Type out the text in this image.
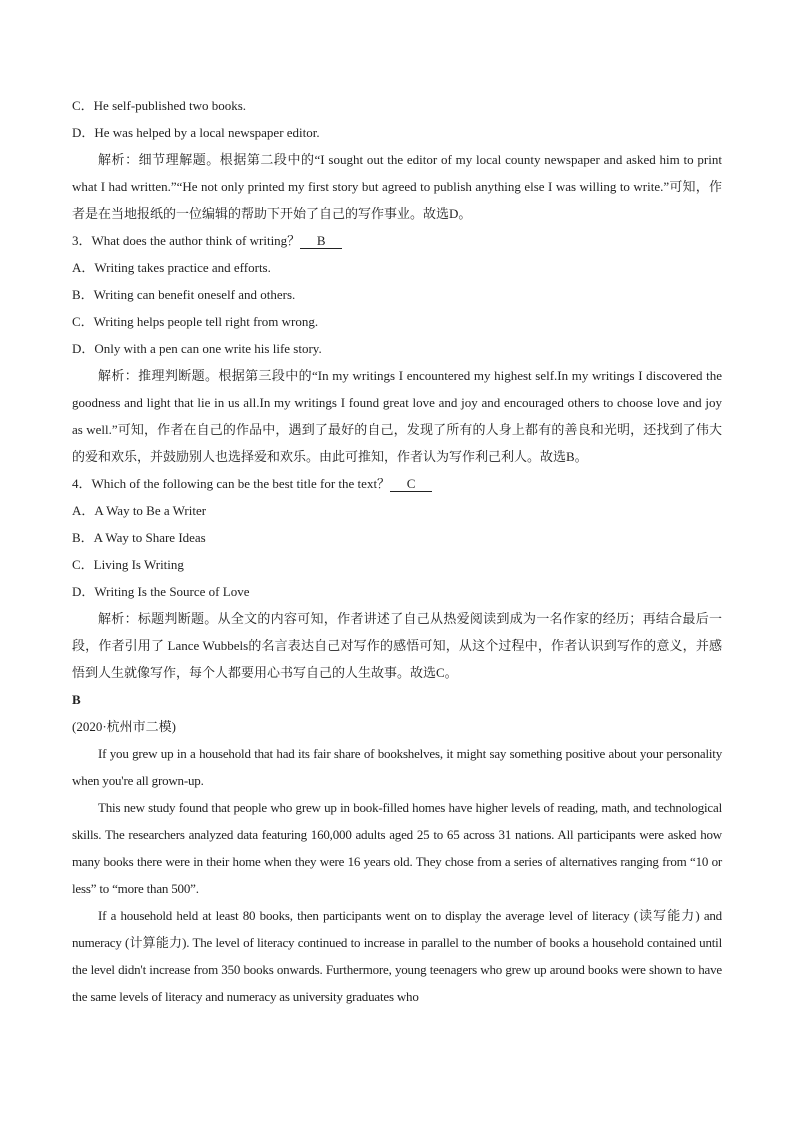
C．He self-published two books.
D．He was helped by a local newspaper editor.
解析：细节理解题。根据第二段中的“I sought out the editor of my local county newspaper and asked him to print what I had written.”“He not only printed my first story but agreed to publish anything else I was willing to write.”可知，作者是在当地报纸的一位编辑的帮助下开始了自己的写作事业。故选D。
3．What does the author think of writing？ B
A．Writing takes practice and efforts.
B．Writing can benefit oneself and others.
C．Writing helps people tell right from wrong.
D．Only with a pen can one write his life story.
解析：推理判断题。根据第三段中的“In my writings I encountered my highest self.In my writings I discovered the goodness and light that lie in us all.In my writings I found great love and joy and encouraged others to choose love and joy as well.”可知，作者在自己的作品中，遇到了最好的自己，发现了所有的人身上都有的善良和光明，还找到了伟大的爱和欢乐，并鼓励别人也选择爱和欢乐。由此可推知，作者认为写作利己利人。故选B。
4．Which of the following can be the best title for the text？ C
A．A Way to Be a Writer
B．A Way to Share Ideas
C．Living Is Writing
D．Writing Is the Source of Love
解析：标题判断题。从全文的内容可知，作者讲述了自己从热爱阅读到成为一名作家的经历；再结合最后一段，作者引用了 Lance Wubbels的名言表达自己对写作的感悟可知，从这个过程中，作者认识到写作的意义，并感悟到人生就像写作，每个人都要用心书写自己的人生故事。故选C。
B
(2020·杭州市二模)
If you grew up in a household that had its fair share of bookshelves, it might say something positive about your personality when you're all grown-up.
This new study found that people who grew up in book-filled homes have higher levels of reading, math, and technological skills. The researchers analyzed data featuring 160,000 adults aged 25 to 65 across 31 nations. All participants were asked how many books there were in their home when they were 16 years old. They chose from a series of alternatives ranging from “10 or less” to “more than 500”.
If a household held at least 80 books, then participants went on to display the average level of literacy (读写能力) and numeracy (计算能力). The level of literacy continued to increase in parallel to the number of books a household contained until the level didn't increase from 350 books onwards. Furthermore, young teenagers who grew up around books were shown to have the same levels of literacy and numeracy as university graduates who
